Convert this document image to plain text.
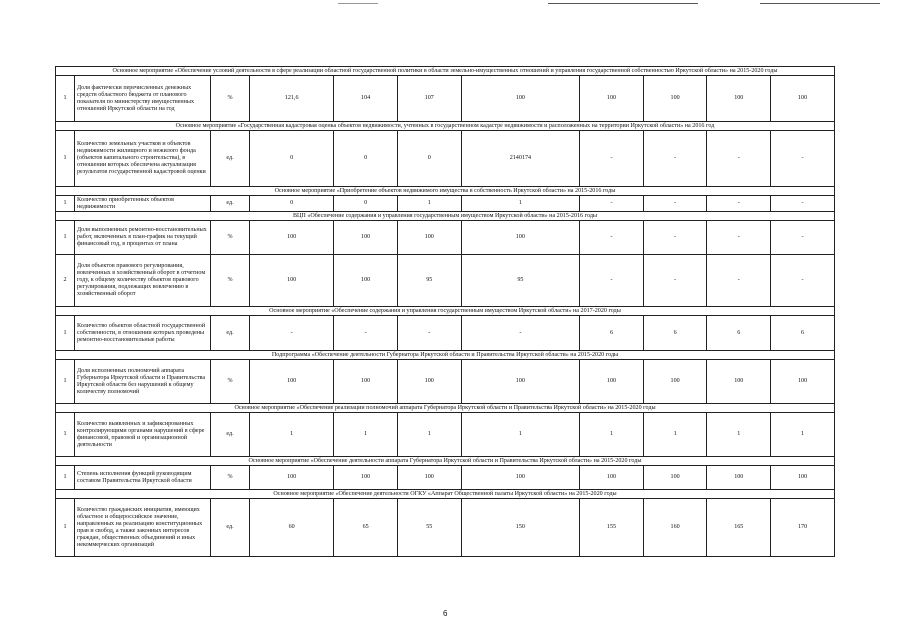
Основное мероприятие «Обеспечение условий деятельности в сфере реализации областной государственной политики в области земельно-имущественных отношений и управления государственной собственностью Иркутской области» на 2015-2020 годы										
1	Доля фактически перечисленных денежных средств областного бюджета от планового показателя по министерству имущественных отношений Иркутской области на год	%	121,6	104	107	100	100	100	100	100
Основное мероприятие «Государственная кадастровая оценка объектов недвижимости, учтенных в государственном кадастре недвижимости и расположенных на территории Иркутской области» на 2016 год										
1	Количество земельных участков и объектов недвижимости жилищного и нежилого фонда (объектов капитального строительства), в отношении которых обеспечена актуализация результатов государственной кадастровой оценки	ед.	0	0	0	2140174	-	-	-	-
Основное мероприятие «Приобретение объектов недвижимого имущества в собственность Иркутской области» на 2015-2016 годы										
1	Количество приобретенных объектов недвижимости	ед.	0	0	1	1	-	-	-	-
ВЦП «Обеспечение содержания и управления государственным имуществом Иркутской области» на 2015-2016 годы										
1	Доля выполненных ремонтно-восстановительных работ, включенных в план-график на текущий финансовый год, в процентах от плана	%	100	100	100	100	-	-	-	-
2	Доля объектов правового регулирования, вовлеченных в хозяйственный оборот в отчетном году, к общему количеству объектов правового регулирования, подлежащих вовлечению в хозяйственный оборот	%	100	100	95	95	-	-	-	-
Основное мероприятие «Обеспечение содержания и управления государственным имуществом Иркутской области» на 2017-2020 годы										
1	Количество объектов областной государственной собственности, в отношении которых проведены ремонтно-восстановительные работы	ед.	-	-	-	-	6	6	6	6
Подпрограмма «Обеспечение деятельности Губернатора Иркутской области и Правительства Иркутской области» на 2015-2020 годы										
1	Доля исполненных полномочий аппарата Губернатора Иркутской области и Правительства Иркутской области без нарушений к общему количеству полномочий	%	100	100	100	100	100	100	100	100
Основное мероприятие «Обеспечение реализации полномочий аппарата Губернатора Иркутской области и Правительства Иркутской области» на 2015-2020 годы										
1	Количество выявленных и зафиксированных контролирующими органами нарушений в сфере финансовой, правовой и организационной деятельности	ед.	1	1	1	1	1	1	1	1
Основное мероприятие «Обеспечение деятельности аппарата Губернатора Иркутской области и Правительства Иркутской области» на 2015-2020 годы										
1	Степень исполнения функций руководящим составом Правительства Иркутской области	%	100	100	100	100	100	100	100	100
Основное мероприятие «Обеспечение деятельности ОГКУ «Аппарат Общественной палаты Иркутской области» на 2015-2020 годы										
1	Количество гражданских инициатив, имеющих областное и общероссийское значение, направленных на реализацию конституционных прав и свобод, а также законных интересов граждан, общественных объединений и иных некоммерческих организаций	ед.	60	65	55	150	155	160	165	170
6
